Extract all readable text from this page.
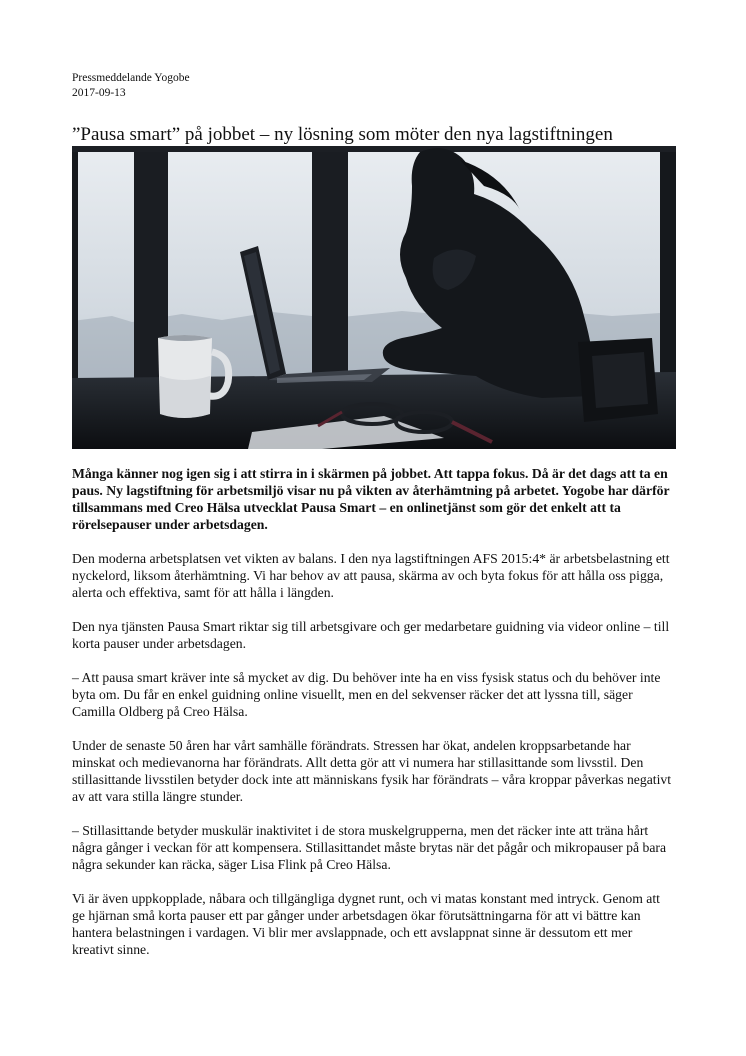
Pressmeddelande Yogobe
2017-09-13
”Pausa smart” på jobbet – ny lösning som möter den nya lagstiftningen

Många känner nog igen sig i att stirra in i skärmen på jobbet. Att tappa fokus. Då är det dags att ta en paus. Ny lagstiftning för arbetsmiljö visar nu på vikten av återhämtning på arbetet. Yogobe har därför tillsammans med Creo Hälsa utvecklat Pausa Smart – en onlinetjänst som gör det enkelt att ta rörelsepauser under arbetsdagen.

Den moderna arbetsplatsen vet vikten av balans. I den nya lagstiftningen AFS 2015:4* är arbetsbelastning ett nyckelord, liksom återhämtning. Vi har behov av att pausa, skärma av och byta fokus för att hålla oss pigga, alerta och effektiva, samt för att hålla i längden.

Den nya tjänsten Pausa Smart riktar sig till arbetsgivare och ger medarbetare guidning via videor online – till korta pauser under arbetsdagen.

– Att pausa smart kräver inte så mycket av dig. Du behöver inte ha en viss fysisk status och du behöver inte byta om. Du får en enkel guidning online visuellt, men en del sekvenser räcker det att lyssna till, säger Camilla Oldberg på Creo Hälsa.

Under de senaste 50 åren har vårt samhälle förändrats. Stressen har ökat, andelen kroppsarbetande har minskat och medievanorna har förändrats. Allt detta gör att vi numera har stillasittande som livsstil. Den stillasittande livsstilen betyder dock inte att människans fysik har förändrats – våra kroppar påverkas negativt av att vara stilla längre stunder.

– Stillasittande betyder muskulär inaktivitet i de stora muskelgrupperna, men det räcker inte att träna hårt några gånger i veckan för att kompensera. Stillasittandet måste brytas när det pågår och mikropauser på bara några sekunder kan räcka, säger Lisa Flink på Creo Hälsa.

Vi är även uppkopplade, nåbara och tillgängliga dygnet runt, och vi matas konstant med intryck. Genom att ge hjärnan små korta pauser ett par gånger under arbetsdagen ökar förutsättningarna för att vi bättre kan hantera belastningen i vardagen. Vi blir mer avslappnade, och ett avslappnat sinne är dessutom ett mer kreativt sinne.
